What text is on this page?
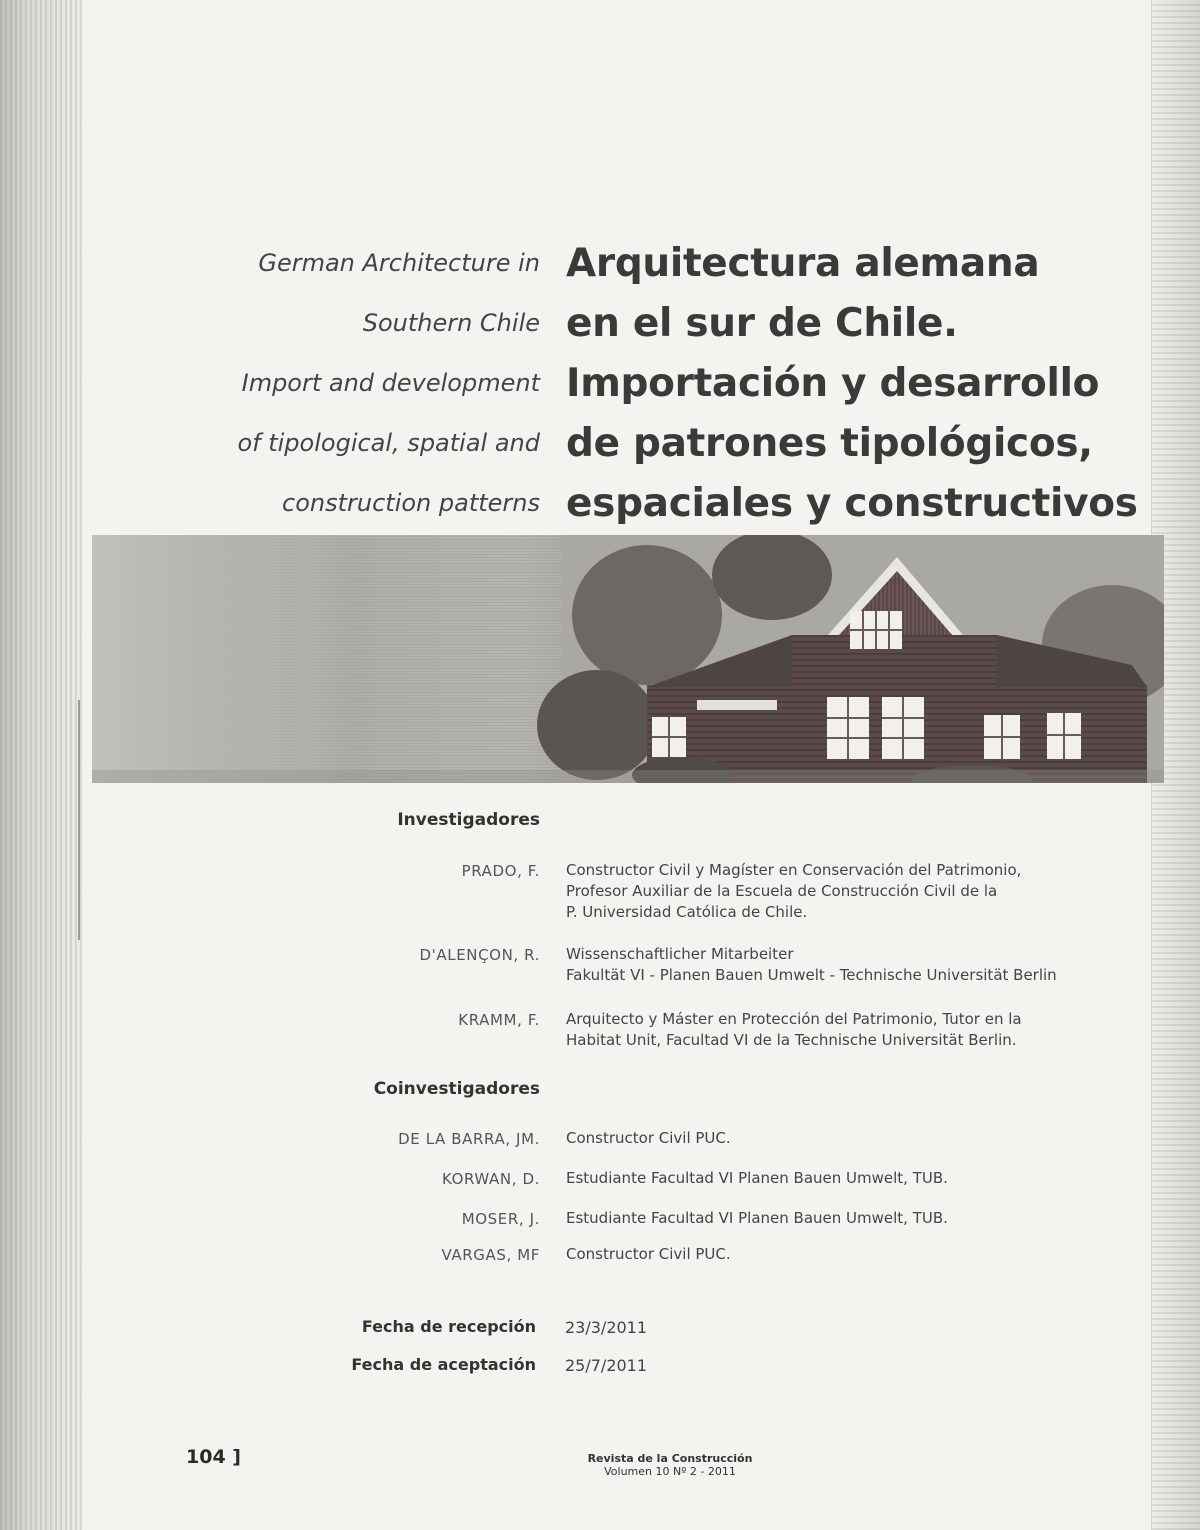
German Architecture in
Southern Chile
Import and development
of tipological, spatial and
construction patterns
Arquitectura alemana
en el sur de Chile.
Importación y desarrollo
de patrones tipológicos,
espaciales y constructivos
Investigadores
PRADO, F. Constructor Civil y Magíster en Conservación del Patrimonio,
Profesor Auxiliar de la Escuela de Construcción Civil de la
P. Universidad Católica de Chile.
D'ALENÇON, R. Wissenschaftlicher Mitarbeiter
Fakultät VI - Planen Bauen Umwelt - Technische Universität Berlin
KRAMM, F. Arquitecto y Máster en Protección del Patrimonio, Tutor en la
Habitat Unit, Facultad VI de la Technische Universität Berlin.
Coinvestigadores
DE LA BARRA, JM. Constructor Civil PUC.
KORWAN, D. Estudiante Facultad VI Planen Bauen Umwelt, TUB.
MOSER, J. Estudiante Facultad VI Planen Bauen Umwelt, TUB.
VARGAS, MF Constructor Civil PUC.
Fecha de recepción 23/3/2011
Fecha de aceptación 25/7/2011
104 ]	Revista de la Construcción
Volumen 10 Nº 2 - 2011
